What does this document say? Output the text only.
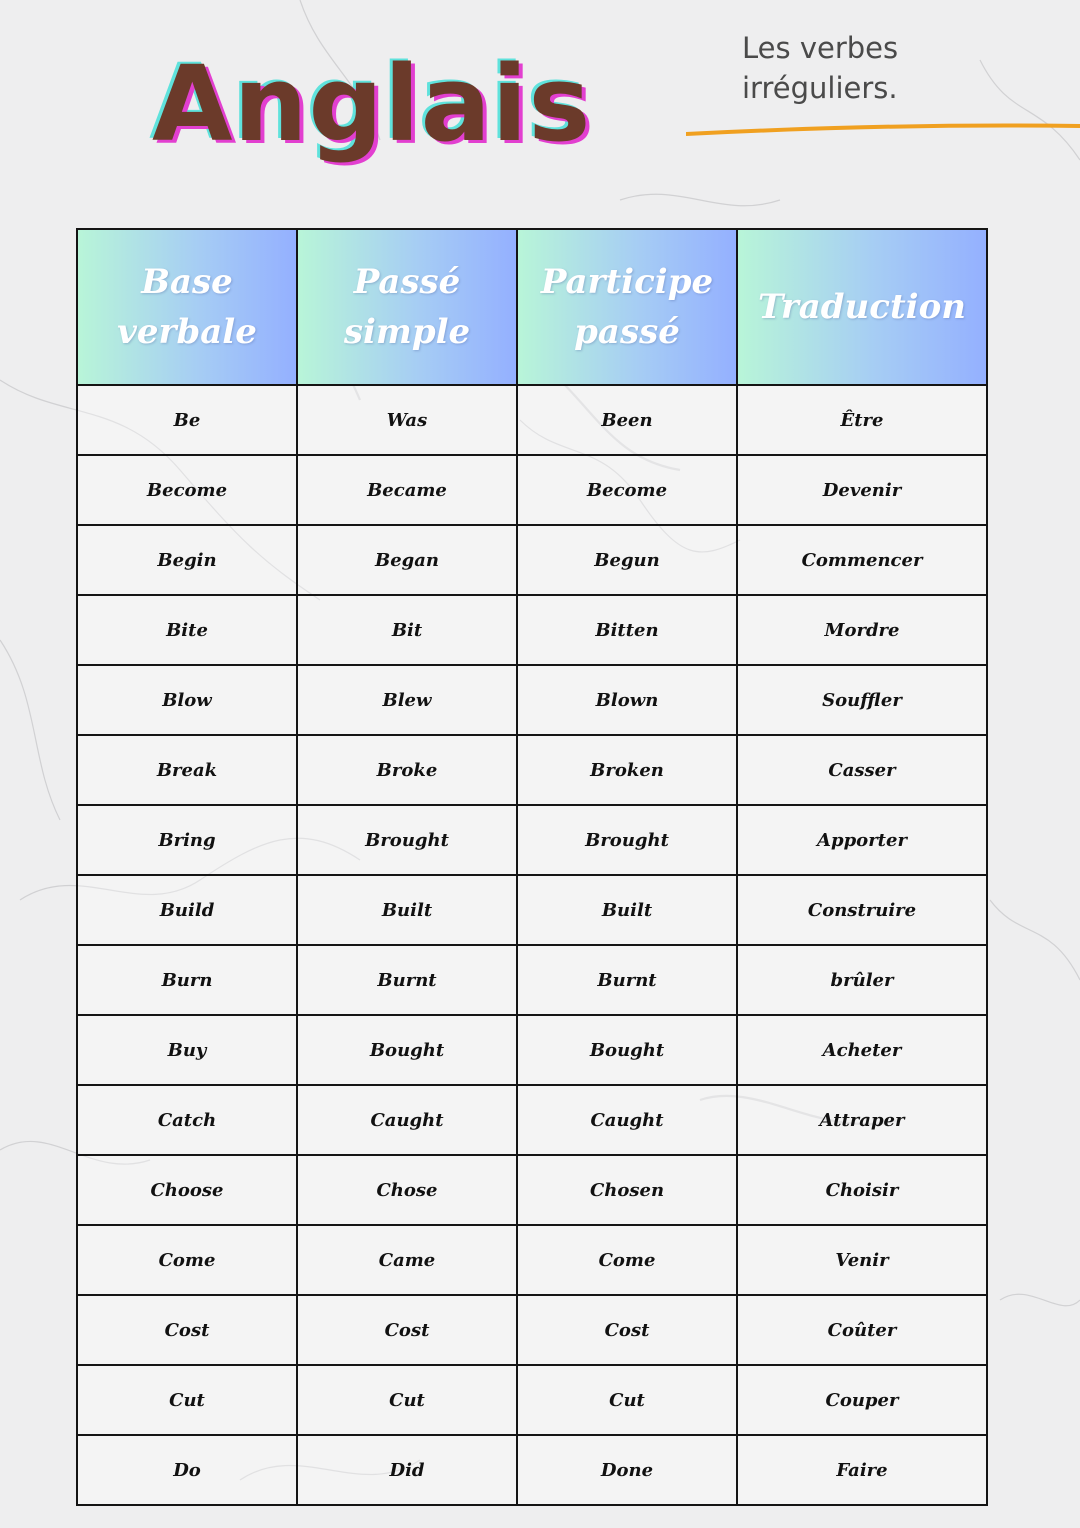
Anglais	Les verbes irréguliers.
Base verbale	Passé simple	Participe passé	Traduction
Be	Was	Been	Être
Become	Became	Become	Devenir
Begin	Began	Begun	Commencer
Bite	Bit	Bitten	Mordre
Blow	Blew	Blown	Souffler
Break	Broke	Broken	Casser
Bring	Brought	Brought	Apporter
Build	Built	Built	Construire
Burn	Burnt	Burnt	brûler
Buy	Bought	Bought	Acheter
Catch	Caught	Caught	Attraper
Choose	Chose	Chosen	Choisir
Come	Came	Come	Venir
Cost	Cost	Cost	Coûter
Cut	Cut	Cut	Couper
Do	Did	Done	Faire
